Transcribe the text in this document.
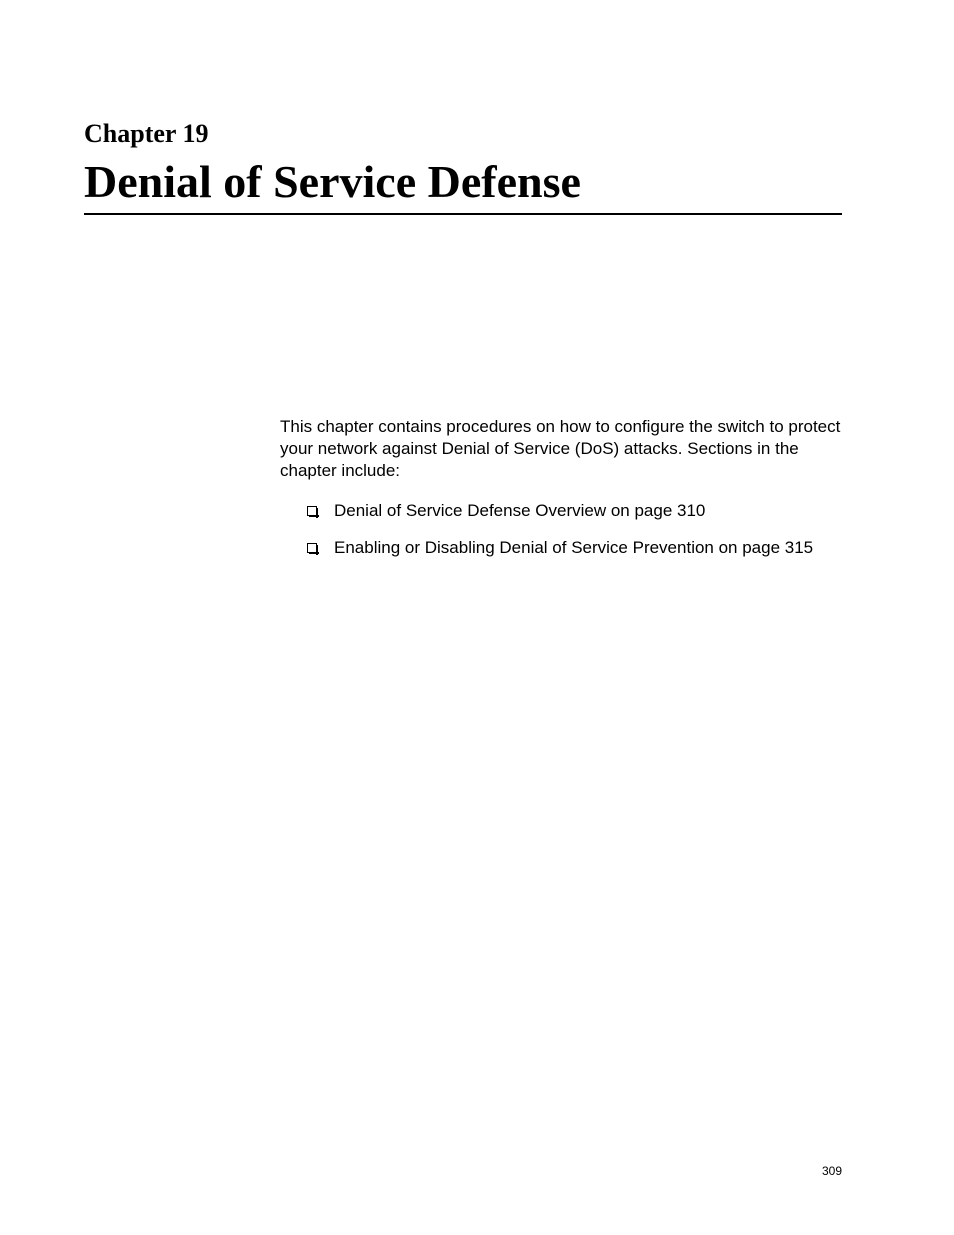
Chapter 19
Denial of Service Defense

This chapter contains procedures on how to configure the switch to protect your network against Denial of Service (DoS) attacks. Sections in the chapter include:

Denial of Service Defense Overview on page 310
Enabling or Disabling Denial of Service Prevention on page 315
309
